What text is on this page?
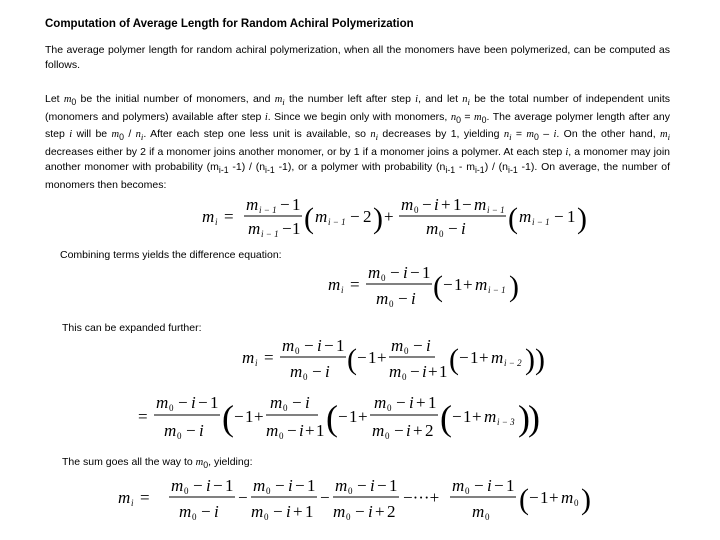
Computation of Average Length for Random Achiral Polymerization
The average polymer length for random achiral polymerization, when all the monomers have been polymerized, can be computed as follows.
Let $m_0$ be the initial number of monomers, and $m_i$ the number left after step i, and let $n_i$ be the total number of independent units (monomers and polymers) available after step i. Since we begin only with monomers, $n_0 = m_0$. The average polymer length after any step i will be $m_0 / n_i$. After each step one less unit is available, so $n_i$ decreases by 1, yielding $n_i = m_0 - i$. On the other hand, $m_i$ decreases either by 2 if a monomer joins another monomer, or by 1 if a monomer joins a polymer. At each step i, a monomer may join another monomer with probability ($m_{i-1}$ $-1) / (n_{i-1}$ -1), or a polymer with probability $(n_{i-1} - m_{i-1}) / (n_{i-1}$ -1). On average, the number of monomers then becomes:
m i =
m i − 1 − 1
m i − 1 − 1 ( m i − 1 − 2 ) +
m 0 − i + 1 − m i − 1
m 0 − i ( m i − 1 − 1 )
Combining terms yields the difference equation:
m i =
m 0 − i − 1
m 0 − i ( − 1 + m i − 1 )
This can be expanded further:
m i =
m 0 − i − 1
m 0 − i ( − 1 +
m 0 − i
m 0 − i + 1 ( − 1 + m i − 2 ) )
=
m 0 − i − 1
m 0 − i ( − 1 +
m 0 − i
m 0 − i + 1 ( − 1 +
m 0 − i + 1
m 0 − i + 2 ( − 1 + m i − 3 )
)
The sum goes all the way to $m_0$, yielding:
m i =
m 0 − i − 1
m 0 − i
−
m 0 − i − 1
m 0 − i + 1
−
m 0 − i − 1
m 0 − i + 2
−···+
m 0 − i − 1
m 0
( − 1 + m 0 )
